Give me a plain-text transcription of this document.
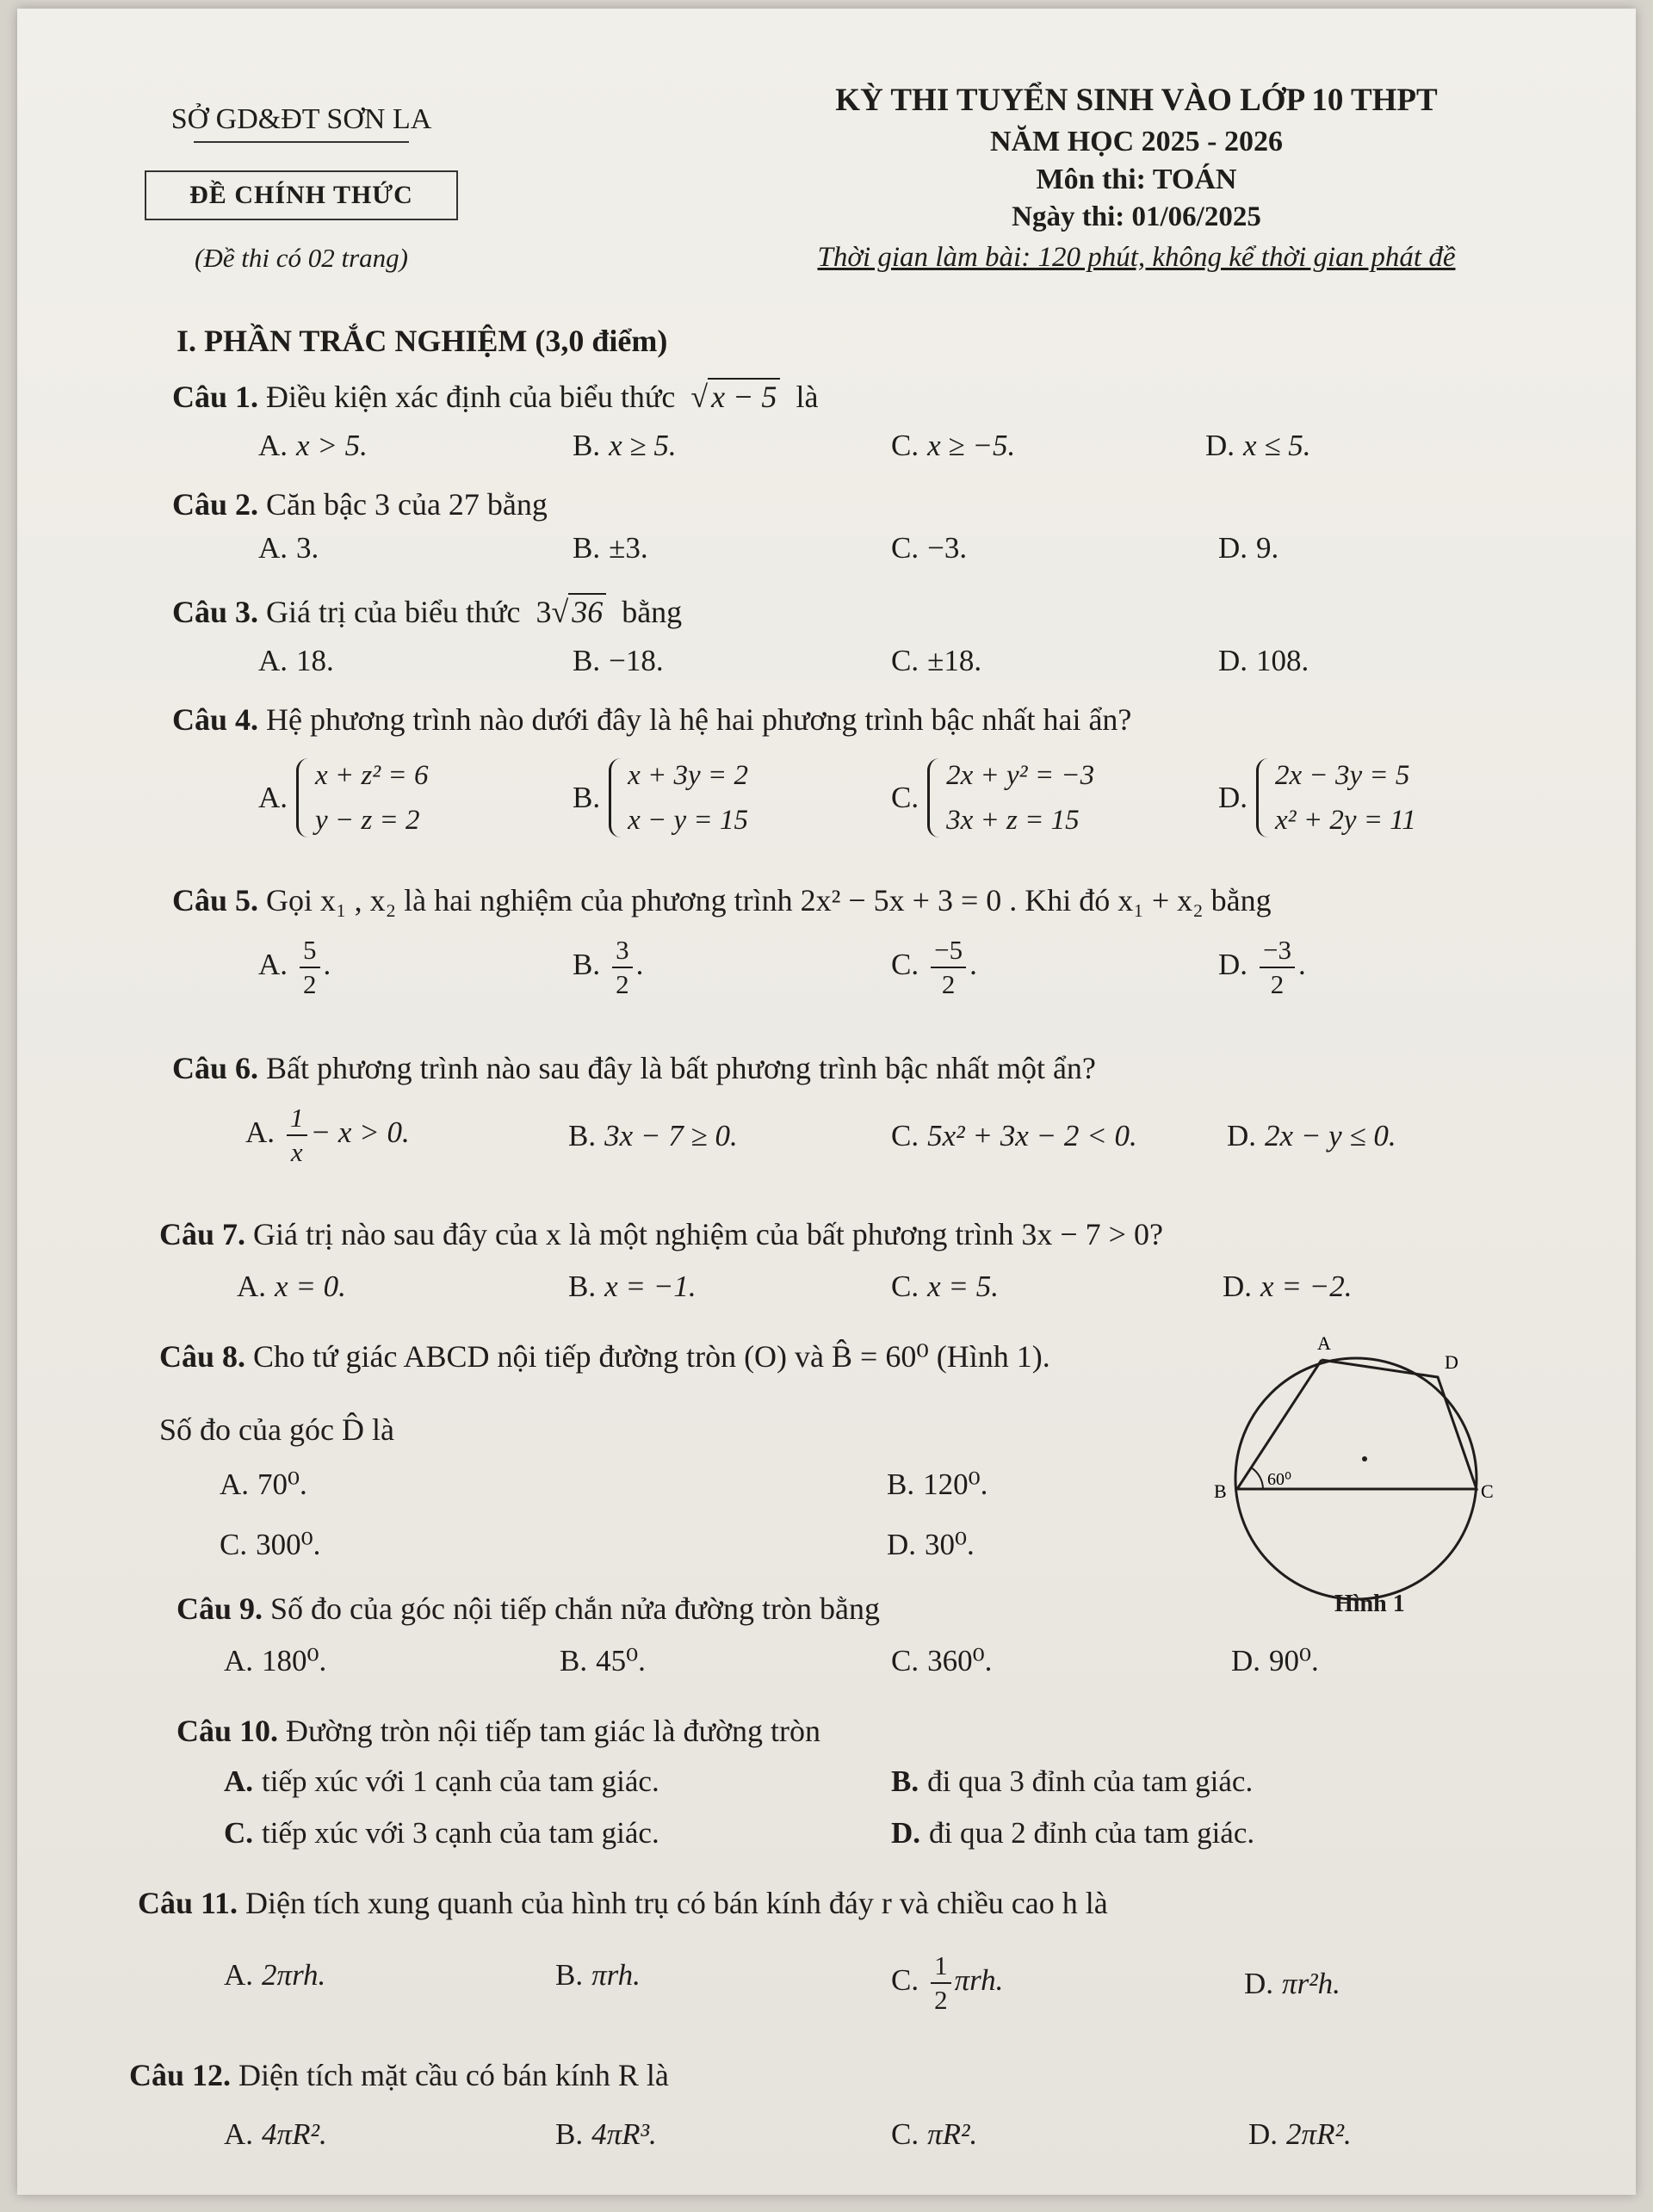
SỞ GD&ĐT SƠN LA
ĐỀ CHÍNH THỨC
(Đề thi có 02 trang)
KỲ THI TUYỂN SINH VÀO LỚP 10 THPT
NĂM HỌC 2025 - 2026
Môn thi: TOÁN
Ngày thi: 01/06/2025
Thời gian làm bài: 120 phút, không kể thời gian phát đề
I. PHẦN TRẮC NGHIỆM (3,0 điểm)
Câu 1. Điều kiện xác định của biểu thức  √ x − 5 là
A. x > 5.	B. x ≥ 5.	C. x ≥ −5.	D. x ≤ 5.
Câu 2. Căn bậc 3 của 27 bằng
A. 3.	B. ±3.	C. −3.	D. 9.
Câu 3. Giá trị của biểu thức 3√ 36 bằng
A. 18.	B. −18.	C. ±18.	D. 108.
Câu 4. Hệ phương trình nào dưới đây là hệ hai phương trình bậc nhất hai ẩn?
A.x + z² = 6
y − z = 2
B.x + 3y = 2
x − y = 15
C.2x + y² = −3
3x + z = 15
D.2x − 3y = 5
x² + 2y = 11
Câu 5. Gọi x₁ , x₂ là hai nghiệm của phương trình 2x² − 5x + 3 = 0 . Khi đó x₁ + x₂ bằng
A. $\frac{5}{2}$ .	B. $\frac{3}{2}$ .	C. $\frac{-5}{2}$ .	D. $\frac{-3}{2}$ .
Câu 6. Bất phương trình nào sau đây là bất phương trình bậc nhất một ẩn?
A. $\frac{1}{x} - x > 0$.	B. 3x − 7 ≥ 0.	C. 5x² + 3x − 2 < 0.	D. 2x − y ≤ 0.
Câu 7. Giá trị nào sau đây của x là một nghiệm của bất phương trình 3x − 7 > 0?
A. x = 0.	B. x = −1.	C. x = 5.	D. x = −2.
Câu 8. Cho tứ giác ABCD nội tiếp đường tròn (O) và B̂ = 60⁰ (Hình 1).
Số đo của góc D̂ là
A. 70⁰.	B. 120⁰.
C. 300⁰.	D. 30⁰.
A
D
B	C
60⁰
Hình 1
Câu 9. Số đo của góc nội tiếp chắn nửa đường tròn bằng
A. 180⁰.	B. 45⁰.	C. 360⁰.	D. 90⁰.
Câu 10. Đường tròn nội tiếp tam giác là đường tròn
A. tiếp xúc với 1 cạnh của tam giác.	B. đi qua 3 đỉnh của tam giác.
C. tiếp xúc với 3 cạnh của tam giác.	D. đi qua 2 đỉnh của tam giác.
Câu 11. Diện tích xung quanh của hình trụ có bán kính đáy r và chiều cao h là
A. 2πrh.	B. πrh.	C. $\frac{1}{2} \pi rh$.	D. πr²h.
Câu 12. Diện tích mặt cầu có bán kính R là
A. 4πR².	B. 4πR³.	C. πR².	D. 2πR².
